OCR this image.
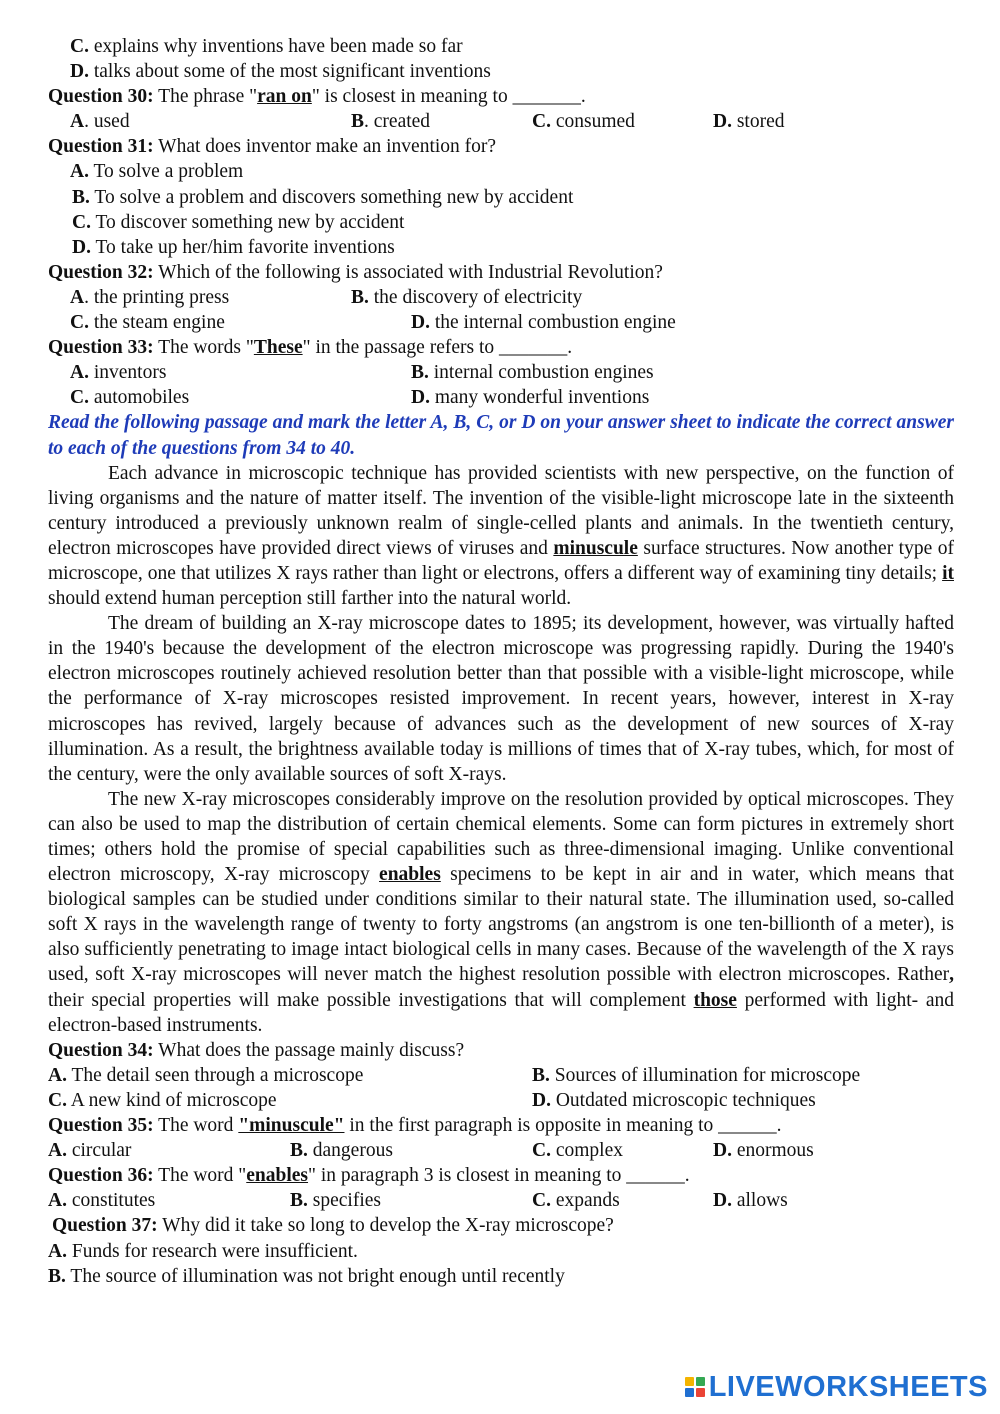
C. explains why inventions have been made so far
D. talks about some of the most significant inventions
Question 30: The phrase "ran on" is closest in meaning to _______.
A. used	B. created	C. consumed	D. stored
Question 31: What does inventor make an invention for?
A. To solve a problem
B. To solve a problem and discovers something new by accident
C. To discover something new by accident
D. To take up her/him favorite inventions
Question 32: Which of the following is associated with Industrial Revolution?
A. the printing press	B. the discovery of electricity
C. the steam engine	D. the internal combustion engine
Question 33: The words "These" in the passage refers to _______.
A. inventors	B. internal combustion engines
C. automobiles	D. many wonderful inventions

Read the following passage and mark the letter A, B, C, or D on your answer sheet to indicate the correct answer to each of the questions from 34 to 40.

Each advance in microscopic technique has provided scientists with new perspective, on the function of living organisms and the nature of matter itself. The invention of the visible-light microscope late in the sixteenth century introduced a previously unknown realm of single-celled plants and animals. In the twentieth century, electron microscopes have provided direct views of viruses and minuscule surface structures. Now another type of microscope, one that utilizes X rays rather than light or electrons, offers a different way of examining tiny details; it should extend human perception still farther into the natural world.

The dream of building an X-ray microscope dates to 1895; its development, however, was virtually hafted in the 1940's because the development of the electron microscope was progressing rapidly. During the 1940's electron microscopes routinely achieved resolution better than that possible with a visible-light microscope, while the performance of X-ray microscopes resisted improvement. In recent years, however, interest in X-ray microscopes has revived, largely because of advances such as the development of new sources of X-ray illumination. As a result, the brightness available today is millions of times that of X-ray tubes, which, for most of the century, were the only available sources of soft X-rays.

The new X-ray microscopes considerably improve on the resolution provided by optical microscopes. They can also be used to map the distribution of certain chemical elements. Some can form pictures in extremely short times; others hold the promise of special capabilities such as three-dimensional imaging. Unlike conventional electron microscopy, X-ray microscopy enables specimens to be kept in air and in water, which means that biological samples can be studied under conditions similar to their natural state. The illumination used, so-called soft X rays in the wavelength range of twenty to forty angstroms (an angstrom is one ten-billionth of a meter), is also sufficiently penetrating to image intact biological cells in many cases. Because of the wavelength of the X rays used, soft X-ray microscopes will never match the highest resolution possible with electron microscopes. Rather, their special properties will make possible investigations that will complement those performed with light- and electron-based instruments.

Question 34: What does the passage mainly discuss?
A. The detail seen through a microscope	B. Sources of illumination for microscope
C. A new kind of microscope	D. Outdated microscopic techniques
Question 35: The word "minuscule" in the first paragraph is opposite in meaning to ______.
A. circular	B. dangerous	C. complex	D. enormous
Question 36: The word "enables" in paragraph 3 is closest in meaning to ______.
A. constitutes	B. specifies	C. expands	D. allows
Question 37: Why did it take so long to develop the X-ray microscope?
A. Funds for research were insufficient.
B. The source of illumination was not bright enough until recently
LIVEWORKSHEETS
